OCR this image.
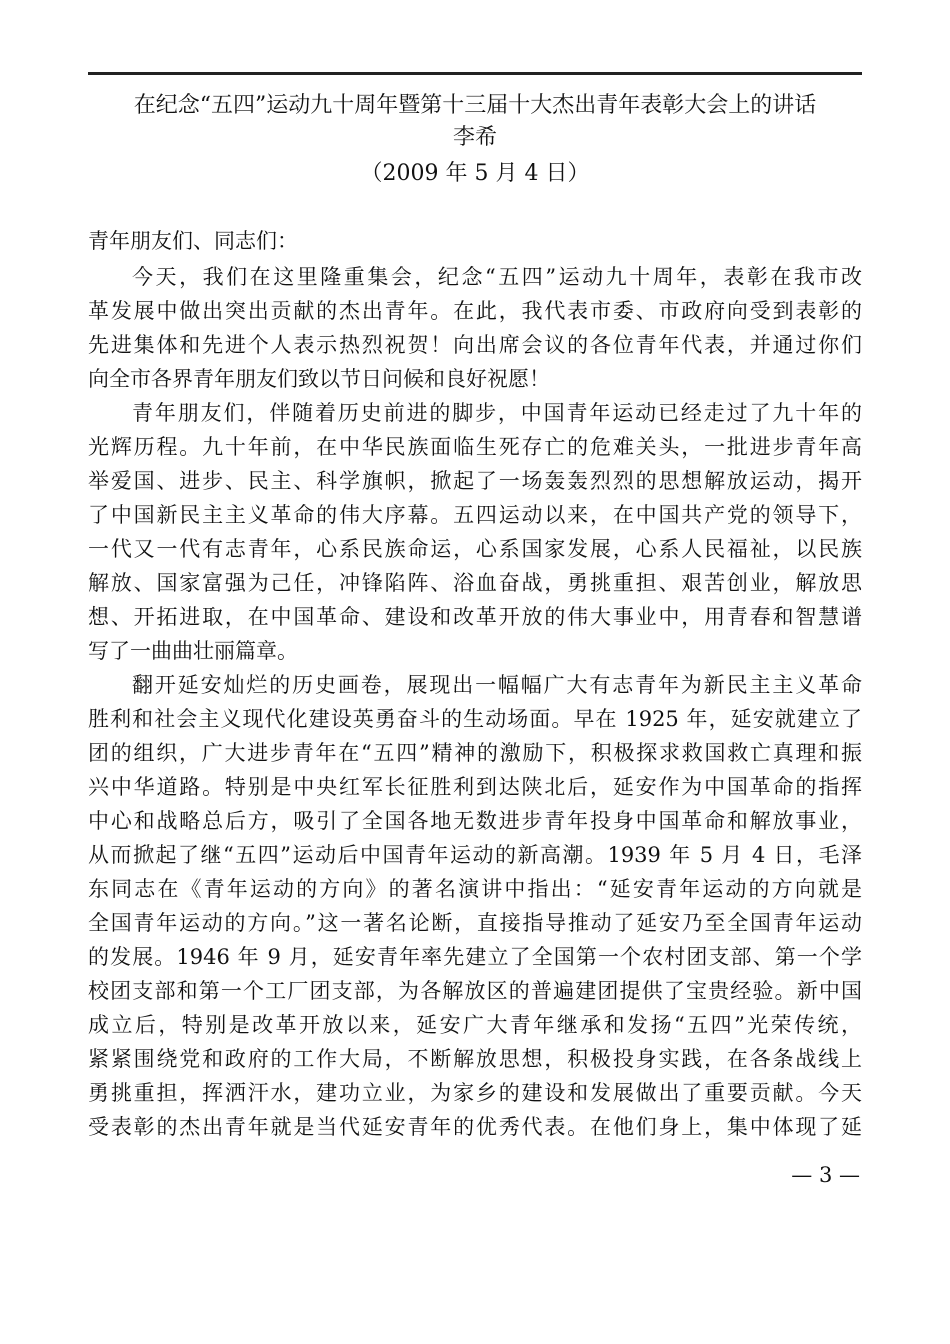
在纪念“五四”运动九十周年暨第十三届十大杰出青年表彰大会上的讲话
李希
（2009 年 5 月 4 日）
青年朋友们、同志们：
今天，我们在这里隆重集会，纪念“五四”运动九十周年，表彰在我市改
革发展中做出突出贡献的杰出青年。在此，我代表市委、市政府向受到表彰的
先进集体和先进个人表示热烈祝贺！向出席会议的各位青年代表，并通过你们
向全市各界青年朋友们致以节日问候和良好祝愿！
青年朋友们，伴随着历史前进的脚步，中国青年运动已经走过了九十年的
光辉历程。九十年前，在中华民族面临生死存亡的危难关头，一批进步青年高
举爱国、进步、民主、科学旗帜，掀起了一场轰轰烈烈的思想解放运动，揭开
了中国新民主主义革命的伟大序幕。五四运动以来，在中国共产党的领导下，
一代又一代有志青年，心系民族命运，心系国家发展，心系人民福祉，以民族
解放、国家富强为己任，冲锋陷阵、浴血奋战，勇挑重担、艰苦创业，解放思
想、开拓进取，在中国革命、建设和改革开放的伟大事业中，用青春和智慧谱
写了一曲曲壮丽篇章。
翻开延安灿烂的历史画卷，展现出一幅幅广大有志青年为新民主主义革命
胜利和社会主义现代化建设英勇奋斗的生动场面。早在 1925 年，延安就建立了
团的组织，广大进步青年在“五四”精神的激励下，积极探求救国救亡真理和振
兴中华道路。特别是中央红军长征胜利到达陕北后，延安作为中国革命的指挥
中心和战略总后方，吸引了全国各地无数进步青年投身中国革命和解放事业，
从而掀起了继“五四”运动后中国青年运动的新高潮。1939 年 5 月 4 日，毛泽
东同志在《青年运动的方向》的著名演讲中指出：“延安青年运动的方向就是
全国青年运动的方向。”这一著名论断，直接指导推动了延安乃至全国青年运动
的发展。1946 年 9 月，延安青年率先建立了全国第一个农村团支部、第一个学
校团支部和第一个工厂团支部，为各解放区的普遍建团提供了宝贵经验。新中国
成立后，特别是改革开放以来，延安广大青年继承和发扬“五四”光荣传统，
紧紧围绕党和政府的工作大局，不断解放思想，积极投身实践，在各条战线上
勇挑重担，挥洒汗水，建功立业，为家乡的建设和发展做出了重要贡献。今天
受表彰的杰出青年就是当代延安青年的优秀代表。在他们身上，集中体现了延
— 3 —
